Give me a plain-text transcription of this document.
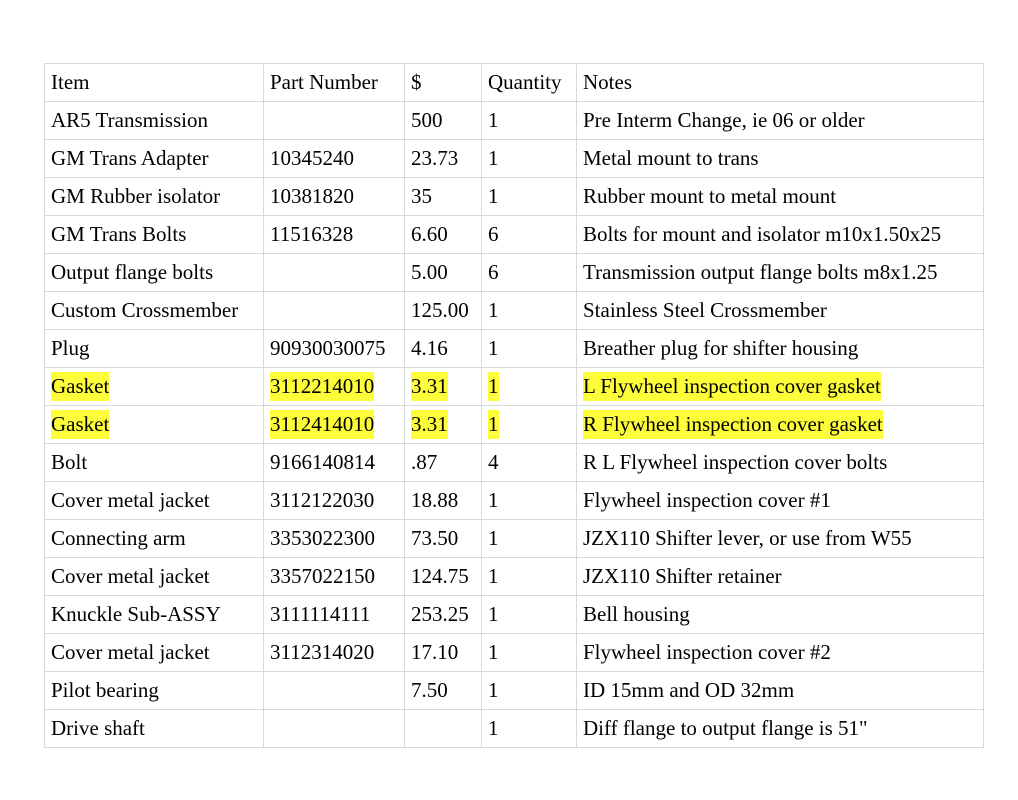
Item	Part Number	$	Quantity	Notes
AR5 Transmission		500	1	Pre Interm Change, ie 06 or older
GM Trans Adapter	10345240	23.73	1	Metal mount to trans
GM Rubber isolator	10381820	35	1	Rubber mount to metal mount
GM Trans Bolts	11516328	6.60	6	Bolts for mount and isolator m10x1.50x25
Output flange bolts		5.00	6	Transmission output flange bolts m8x1.25
Custom Crossmember		125.00	1	Stainless Steel Crossmember
Plug	90930030075	4.16	1	Breather plug for shifter housing
Gasket	3112214010	3.31	1	L Flywheel inspection cover gasket
Gasket	3112414010	3.31	1	R Flywheel inspection cover gasket
Bolt	9166140814	.87	4	R L Flywheel inspection cover bolts
Cover metal jacket	3112122030	18.88	1	Flywheel inspection cover #1
Connecting arm	3353022300	73.50	1	JZX110 Shifter lever, or use from W55
Cover metal jacket	3357022150	124.75	1	JZX110 Shifter retainer
Knuckle Sub-ASSY	3111114111	253.25	1	Bell housing
Cover metal jacket	3112314020	17.10	1	Flywheel inspection cover #2
Pilot bearing		7.50	1	ID 15mm and OD 32mm
Drive shaft			1	Diff flange to output flange is 51"
